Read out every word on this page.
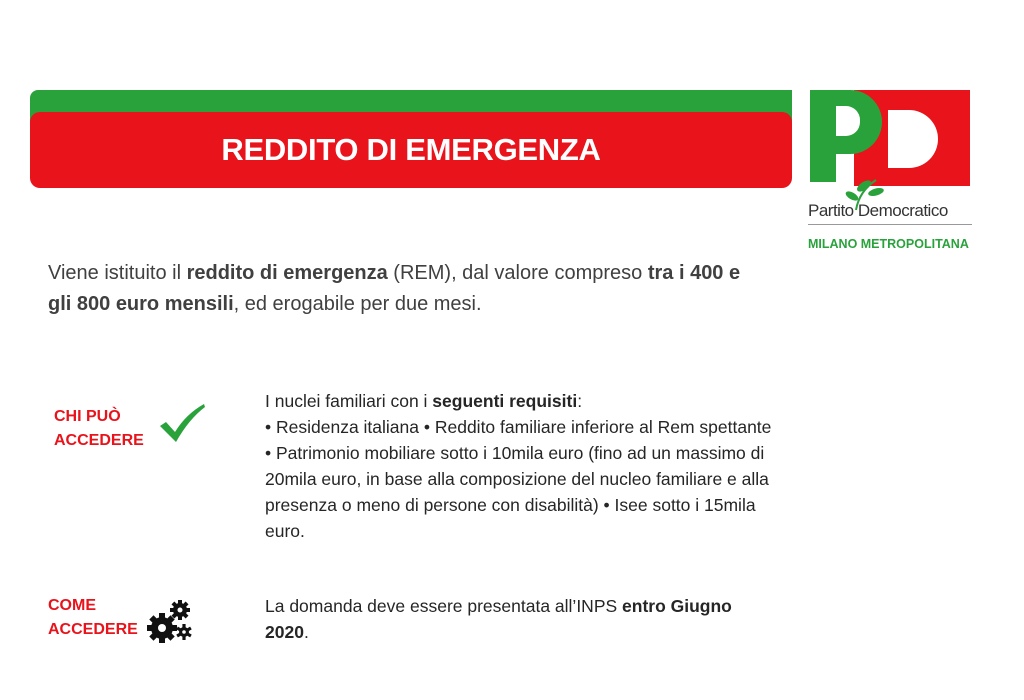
REDDITO DI EMERGENZA
Partito Democratico
MILANO METROPOLITANA
Viene istituito il reddito di emergenza (REM), dal valore compreso tra i 400 e gli 800 euro mensili, ed erogabile per due mesi.
CHI PUÒ
ACCEDERE
I nuclei familiari con i seguenti requisiti:
• Residenza italiana • Reddito familiare inferiore al Rem spettante • Patrimonio mobiliare sotto i 10mila euro (fino ad un massimo di 20mila euro, in base alla composizione del nucleo familiare e alla presenza o meno di persone con disabilità) • Isee sotto i 15mila euro.
COME
ACCEDERE
La domanda deve essere presentata all’INPS entro Giugno 2020.
